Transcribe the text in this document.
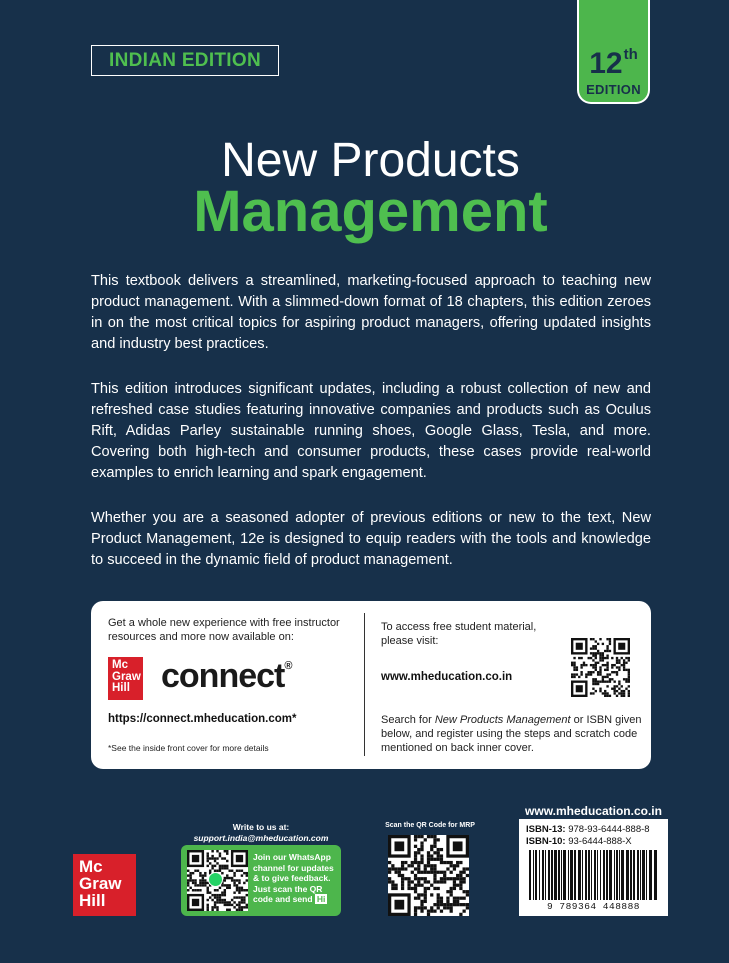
INDIAN EDITION	12th
EDITION
New Products
Management

This textbook delivers a streamlined, marketing-focused approach to teaching new product management. With a slimmed-down format of 18 chapters, this edition zeroes in on the most critical topics for aspiring product managers, offering updated insights and industry best practices.

This edition introduces significant updates, including a robust collection of new and refreshed case studies featuring innovative companies and products such as Oculus Rift, Adidas Parley sustainable running shoes, Google Glass, Tesla, and more. Covering both high-tech and consumer products, these cases provide real-world examples to enrich learning and spark engagement.

Whether you are a seasoned adopter of previous editions or new to the text, New Product Management, 12e is designed to equip readers with the tools and knowledge to succeed in the dynamic field of product management.

Get a whole new experience with free instructor resources and more now available on:
Mc
Graw
Hill connect®
https://connect.mheducation.com*
*See the inside front cover for more details
To access free student material, please visit:
www.mheducation.co.in
Search for New Products Management or ISBN given below, and register using the steps and scratch code mentioned on back inner cover.
Mc
Graw
Hill
Write to us at:
support.india@mheducation.com
Join our WhatsApp channel for updates & to give feedback. Just scan the QR code and send Hi
Scan the QR Code for MRP
www.mheducation.co.in
ISBN-13: 978-93-6444-888-8
ISBN-10: 93-6444-888-X
9 789364 448888
